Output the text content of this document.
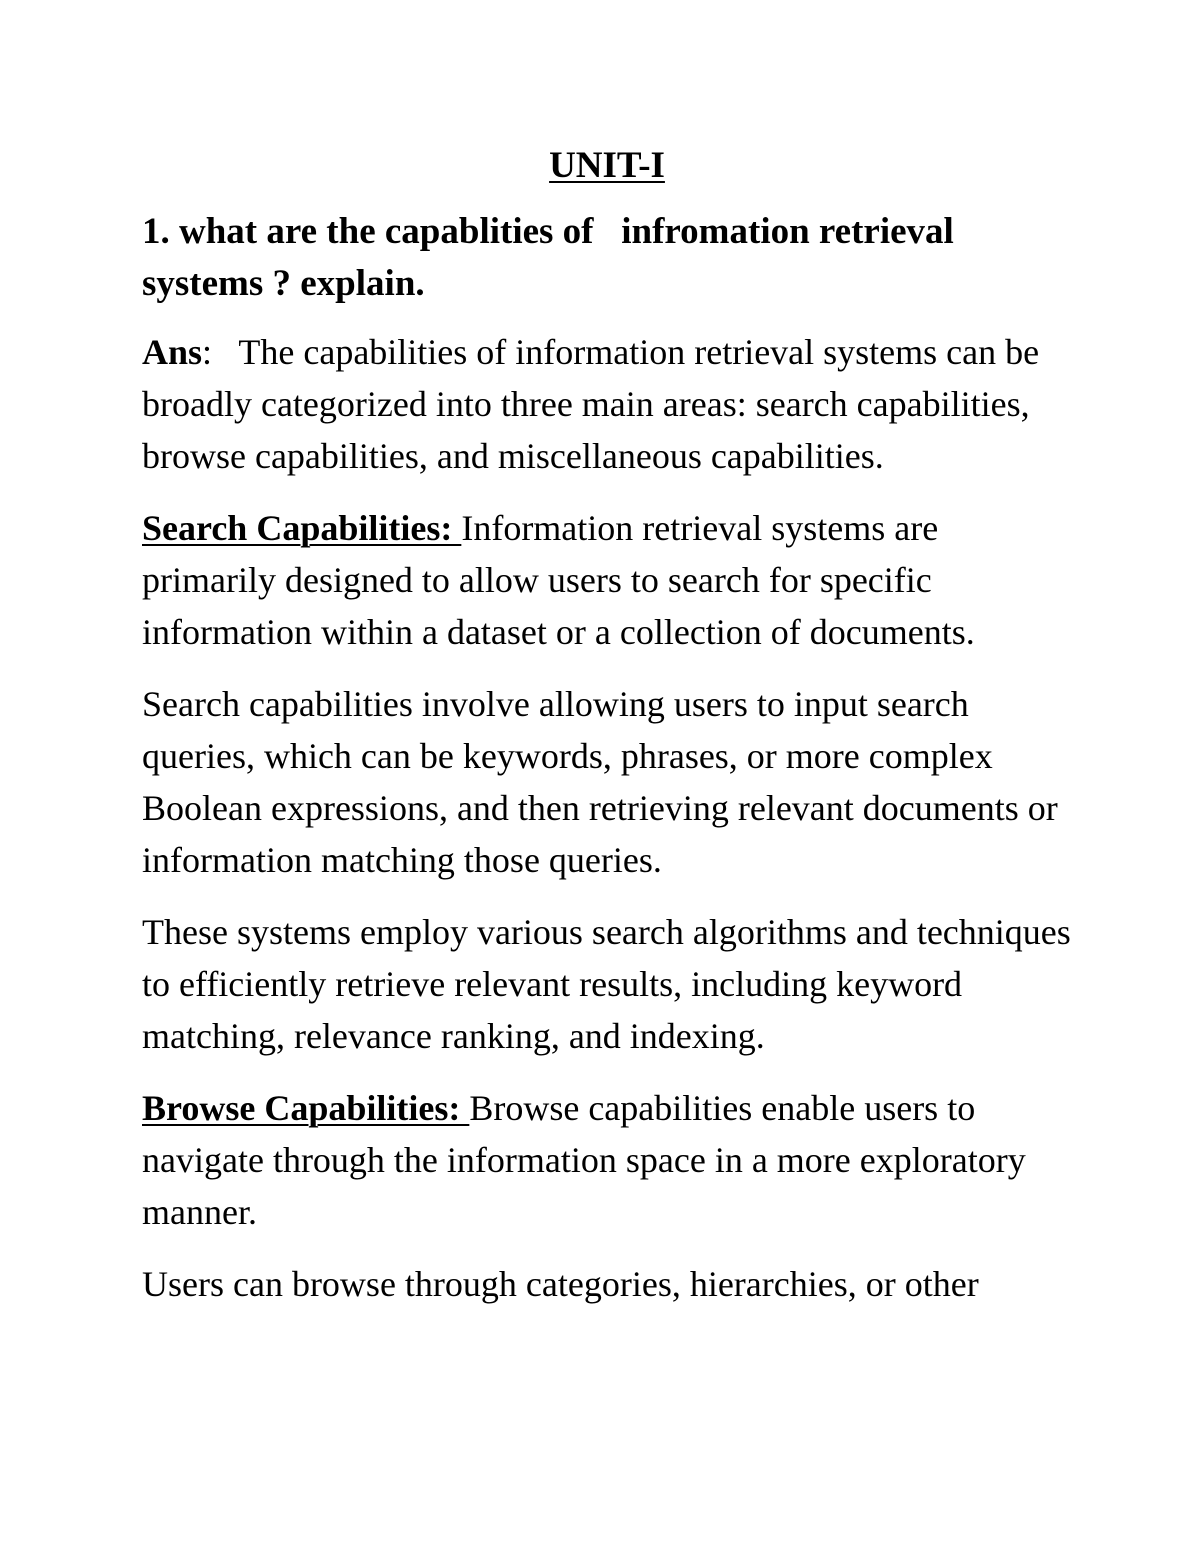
UNIT-I
1. what are the capablities of   infromation retrieval systems ? explain.

Ans:   The capabilities of information retrieval systems can be broadly categorized into three main areas: search capabilities, browse capabilities, and miscellaneous capabilities.

Search Capabilities: Information retrieval systems are primarily designed to allow users to search for specific information within a dataset or a collection of documents.

Search capabilities involve allowing users to input search queries, which can be keywords, phrases, or more complex Boolean expressions, and then retrieving relevant documents or information matching those queries.

These systems employ various search algorithms and techniques to efficiently retrieve relevant results, including keyword matching, relevance ranking, and indexing.

Browse Capabilities: Browse capabilities enable users to navigate through the information space in a more exploratory manner.

Users can browse through categories, hierarchies, or other
